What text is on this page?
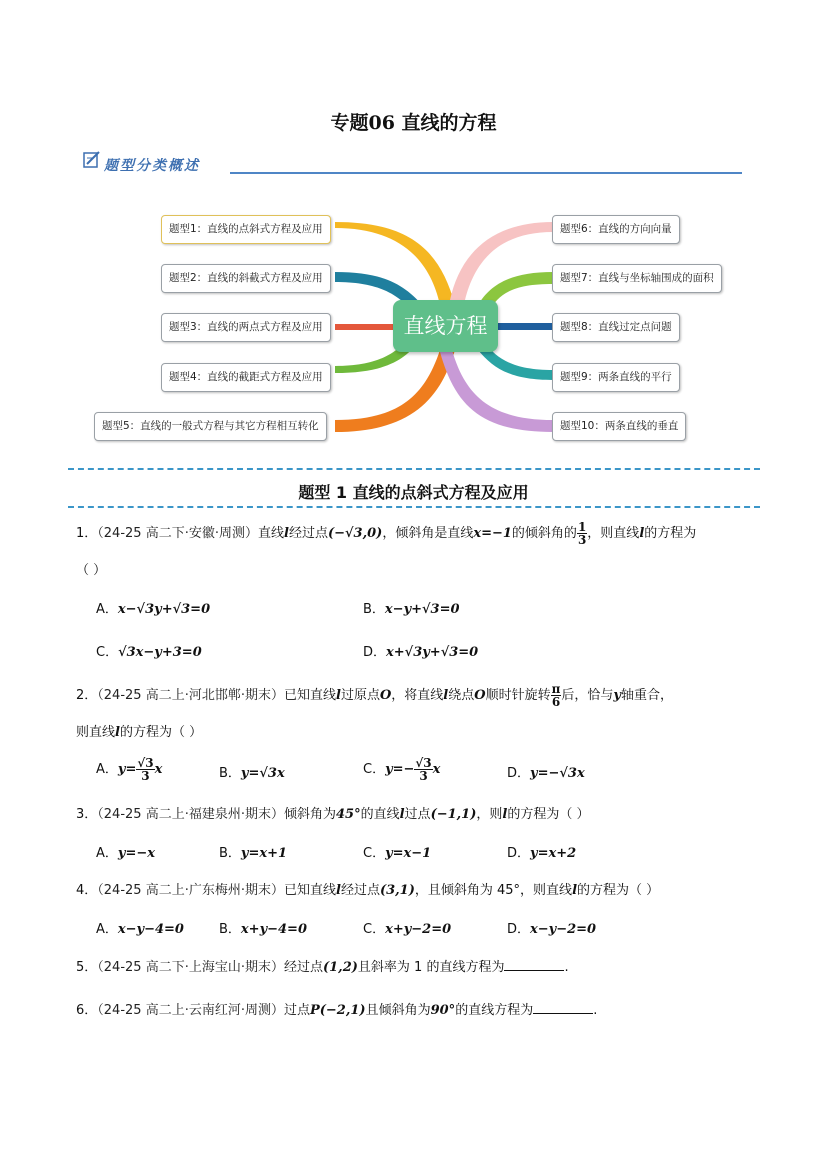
专题06 直线的方程
题型分类概述
题型1：直线的点斜式方程及应用
题型2：直线的斜截式方程及应用
题型3：直线的两点式方程及应用
题型4：直线的截距式方程及应用
题型5：直线的一般式方程与其它方程相互转化
题型6：直线的方向向量
题型7：直线与坐标轴围成的面积
题型8：直线过定点问题
题型9：两条直线的平行
题型10：两条直线的垂直
直线方程
题型 1 直线的点斜式方程及应用
1．（24-25 高二下·安徽·周测）直线l经过点(−√3,0)，倾斜角是直线x=−1的倾斜角的 $\frac{1}{3}$ ，则直线l的方程为
（ ）
A．x−√3y+√3=0	B．x−y+√3=0
C．√3x−y+3=0	D．x+√3y+√3=0
2．（24-25 高二上·河北邯郸·期末）已知直线l过原点O，将直线l绕点O顺时针旋转 $\frac{\pi}{6}$ 后，恰与y轴重合，
则直线l的方程为（ ）
A．$y= \frac{√3}{3}$ x	B．y=√3x	C．$y=- \frac{√3}{3}$ x	D．y=−√3x
3．（24-25 高二上·福建泉州·期末）倾斜角为45°的直线l过点(−1,1)，则l的方程为（ ）
A．y=−x	B．y=x+1	C．y=x−1	D．y=x+2
4．（24-25 高二上·广东梅州·期末）已知直线l经过点(3,1)，且倾斜角为 45°，则直线l的方程为（ ）
A．x−y−4=0	B．x+y−4=0	C．x+y−2=0	D．x−y−2=0
5．（24-25 高二下·上海宝山·期末）经过点(1,2)且斜率为 1 的直线方程为	.
6．（24-25 高二上·云南红河·周测）过点P(−2,1)且倾斜角为90°的直线方程为	.
